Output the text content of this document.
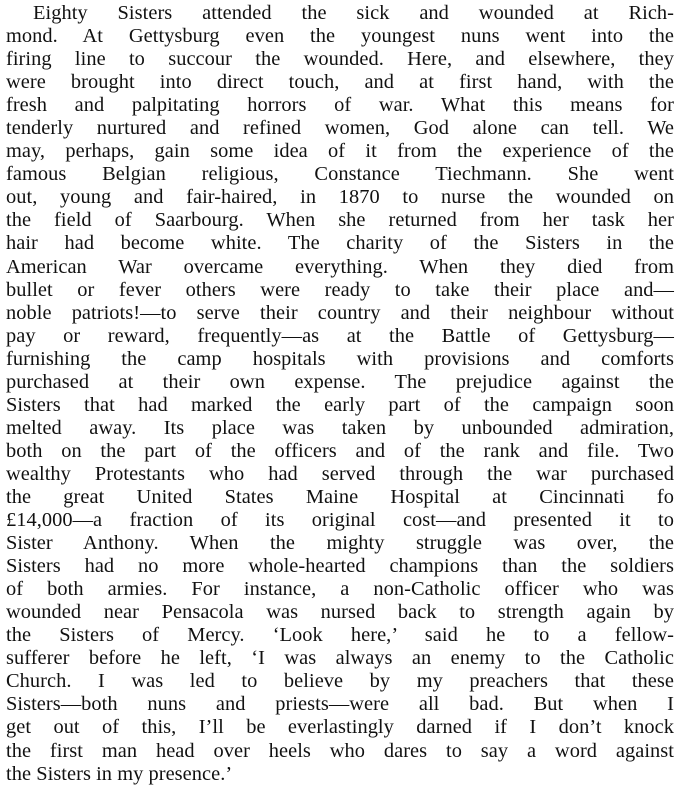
Eighty Sisters attended the sick and wounded at Rich-
mond. At Gettysburg even the youngest nuns went into the
firing line to succour the wounded. Here, and elsewhere, they
were brought into direct touch, and at first hand, with the
fresh and palpitating horrors of war. What this means for
tenderly nurtured and refined women, God alone can tell. We
may, perhaps, gain some idea of it from the experience of the
famous Belgian religious, Constance Tiechmann. She went
out, young and fair-haired, in 1870 to nurse the wounded on
the field of Saarbourg. When she returned from her task her
hair had become white. The charity of the Sisters in the
American War overcame everything. When they died from
bullet or fever others were ready to take their place and—
noble patriots!—to serve their country and their neighbour without
pay or reward, frequently—as at the Battle of Gettysburg—
furnishing the camp hospitals with provisions and comforts
purchased at their own expense. The prejudice against the
Sisters that had marked the early part of the campaign soon
melted away. Its place was taken by unbounded admiration,
both on the part of the officers and of the rank and file. Two
wealthy Protestants who had served through the war purchased
the great United States Maine Hospital at Cincinnati fo
£14,000—a fraction of its original cost—and presented it to
Sister Anthony. When the mighty struggle was over, the
Sisters had no more whole-hearted champions than the soldiers
of both armies. For instance, a non-Catholic officer who was
wounded near Pensacola was nursed back to strength again by
the Sisters of Mercy. ‘Look here,’ said he to a fellow-
sufferer before he left, ‘I was always an enemy to the Catholic
Church. I was led to believe by my preachers that these
Sisters—both nuns and priests—were all bad. But when I
get out of this, I’ll be everlastingly darned if I don’t knock
the first man head over heels who dares to say a word against
the Sisters in my presence.’
